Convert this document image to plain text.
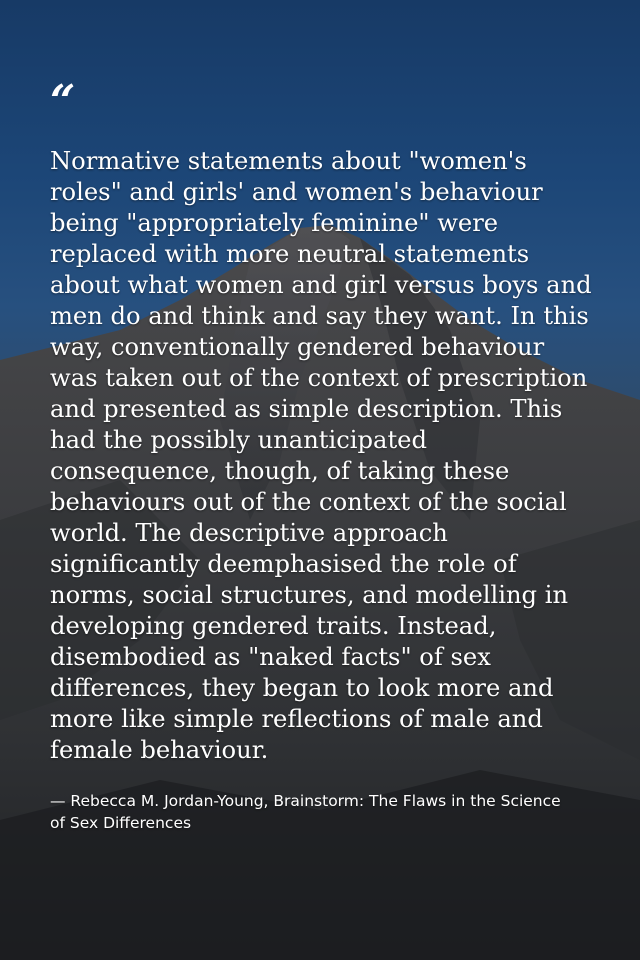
“

Normative statements about "women's roles" and girls' and women's behaviour being "appropriately feminine" were replaced with more neutral statements about what women and girl versus boys and men do and think and say they want. In this way, conventionally gendered behaviour was taken out of the context of prescription and presented as simple description. This had the possibly unanticipated consequence, though, of taking these behaviours out of the context of the social world. The descriptive approach significantly deemphasised the role of norms, social structures, and modelling in developing gendered traits. Instead, disembodied as "naked facts" of sex differences, they began to look more and more like simple reflections of male and female behaviour.

— Rebecca M. Jordan-Young, Brainstorm: The Flaws in the Science of Sex Differences
